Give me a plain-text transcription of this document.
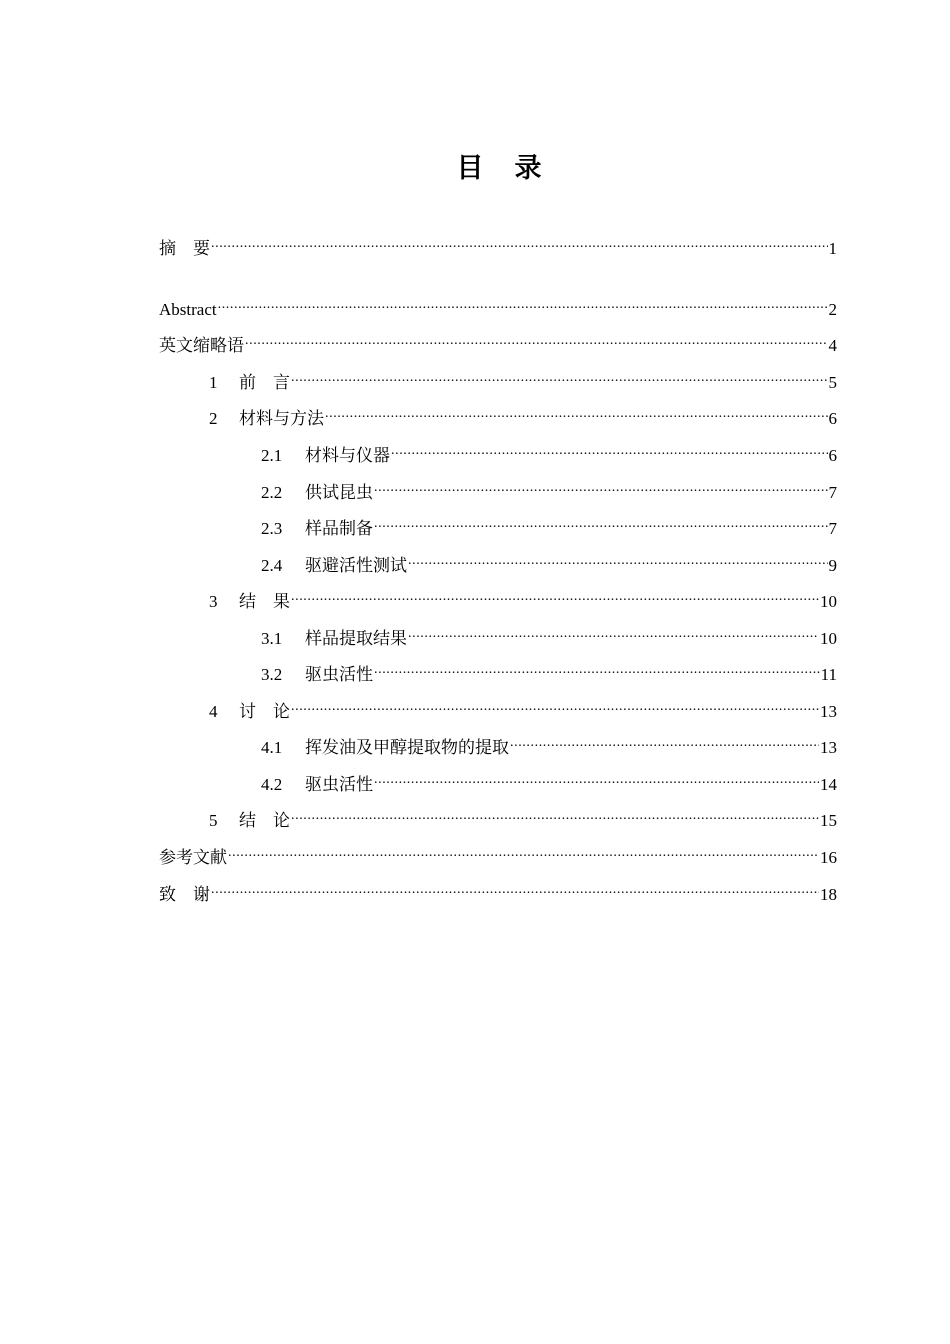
目　录
摘　要 .....	1
Abstract .....	2
英文缩略语 .....	4
1	前　言 .....	5
2	材料与方法 .....	6
2.1	材料与仪器 .....	6
2.2	供试昆虫 .....	7
2.3	样品制备 .....	7
2.4	驱避活性测试 .....	9
3	结　果 .....	10
3.1	样品提取结果 .....	10
3.2	驱虫活性 .....	11
4	讨　论 .....	13
4.1	挥发油及甲醇提取物的提取 .....	13
4.2	驱虫活性 .....	14
5	结　论 .....	15
参考文献 .....	16
致　谢 .....	18
